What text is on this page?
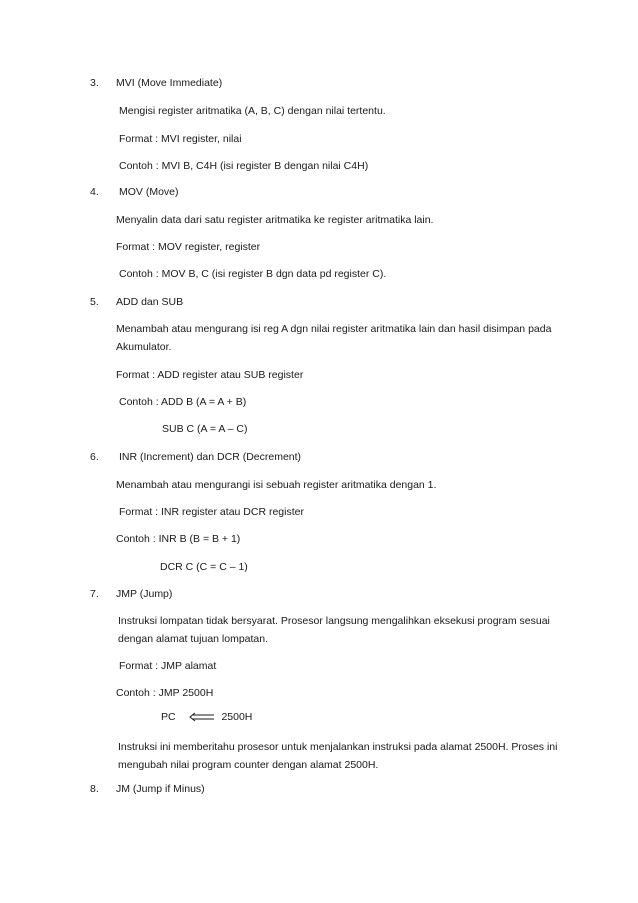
3. MVI (Move Immediate)
Mengisi register aritmatika (A, B, C) dengan nilai tertentu.
Format : MVI register, nilai
Contoh : MVI B, C4H (isi register B dengan nilai C4H)
4. MOV (Move)
Menyalin data dari satu register aritmatika ke register aritmatika lain.
Format : MOV register, register
Contoh : MOV B, C (isi register B dgn data pd register C).
5. ADD dan SUB
Menambah atau mengurang isi reg A dgn nilai register aritmatika lain dan hasil disimpan pada Akumulator.
Format : ADD register atau SUB register
Contoh : ADD B (A = A + B)
SUB C (A = A – C)
6. INR (Increment) dan DCR (Decrement)
Menambah atau mengurangi isi sebuah register aritmatika dengan 1.
Format : INR register atau DCR register
Contoh : INR B (B = B + 1)
DCR C (C = C – 1)
7. JMP (Jump)
Instruksi lompatan tidak bersyarat. Prosesor langsung mengalihkan eksekusi program sesuai dengan alamat tujuan lompatan.
Format : JMP alamat
Contoh : JMP 2500H
PC	2500H
Instruksi ini memberitahu prosesor untuk menjalankan instruksi pada alamat 2500H. Proses ini mengubah nilai program counter dengan alamat 2500H.
8. JM (Jump if Minus)
